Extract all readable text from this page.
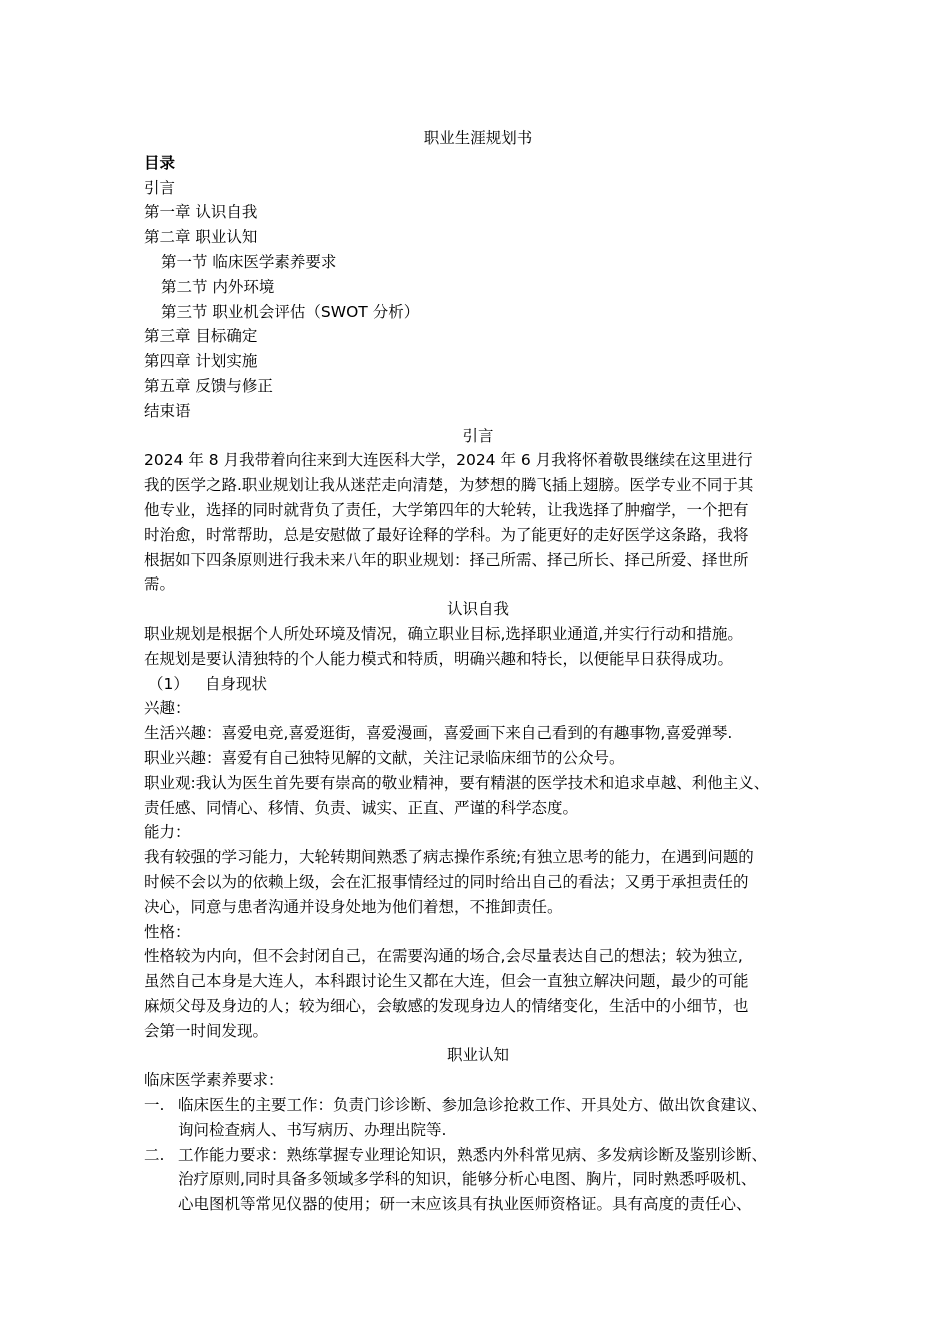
职业生涯规划书
目录
引言
第一章 认识自我
第二章 职业认知
第一节 临床医学素养要求
第二节 内外环境
第三节 职业机会评估（SWOT 分析）
第三章 目标确定
第四章 计划实施
第五章 反馈与修正
结束语
引言
2024 年 8 月我带着向往来到大连医科大学，2024 年 6 月我将怀着敬畏继续在这里进行
我的医学之路.职业规划让我从迷茫走向清楚，为梦想的腾飞插上翅膀。医学专业不同于其
他专业，选择的同时就背负了责任，大学第四年的大轮转，让我选择了肿瘤学，一个把有
时治愈，时常帮助，总是安慰做了最好诠释的学科。为了能更好的走好医学这条路，我将
根据如下四条原则进行我未来八年的职业规划：择己所需、择己所长、择己所爱、择世所
需。
认识自我
职业规划是根据个人所处环境及情况，确立职业目标,选择职业通道,并实行行动和措施。
在规划是要认清独特的个人能力模式和特质，明确兴趣和特长，以便能早日获得成功。
（1）	自身现状
兴趣：
生活兴趣：喜爱电竞,喜爱逛街，喜爱漫画，喜爱画下来自己看到的有趣事物,喜爱弹琴.
职业兴趣：喜爱有自己独特见解的文献，关注记录临床细节的公众号。
职业观:我认为医生首先要有崇高的敬业精神，要有精湛的医学技术和追求卓越、利他主义、
责任感、同情心、移情、负责、诚实、正直、严谨的科学态度。
能力：
我有较强的学习能力，大轮转期间熟悉了病志操作系统;有独立思考的能力，在遇到问题的
时候不会以为的依赖上级，会在汇报事情经过的同时给出自己的看法；又勇于承担责任的
决心，同意与患者沟通并设身处地为他们着想，不推卸责任。
性格：
性格较为内向，但不会封闭自己，在需要沟通的场合,会尽量表达自己的想法；较为独立,
虽然自己本身是大连人，本科跟讨论生又都在大连，但会一直独立解决问题，最少的可能
麻烦父母及身边的人；较为细心，会敏感的发现身边人的情绪变化，生活中的小细节，也
会第一时间发现。
职业认知
临床医学素养要求：
一. 临床医生的主要工作：负责门诊诊断、参加急诊抢救工作、开具处方、做出饮食建议、
询问检查病人、书写病历、办理出院等.
二. 工作能力要求：熟练掌握专业理论知识，熟悉内外科常见病、多发病诊断及鉴别诊断、
治疗原则,同时具备多领域多学科的知识，能够分析心电图、胸片，同时熟悉呼吸机、
心电图机等常见仪器的使用；研一末应该具有执业医师资格证。具有高度的责任心、
